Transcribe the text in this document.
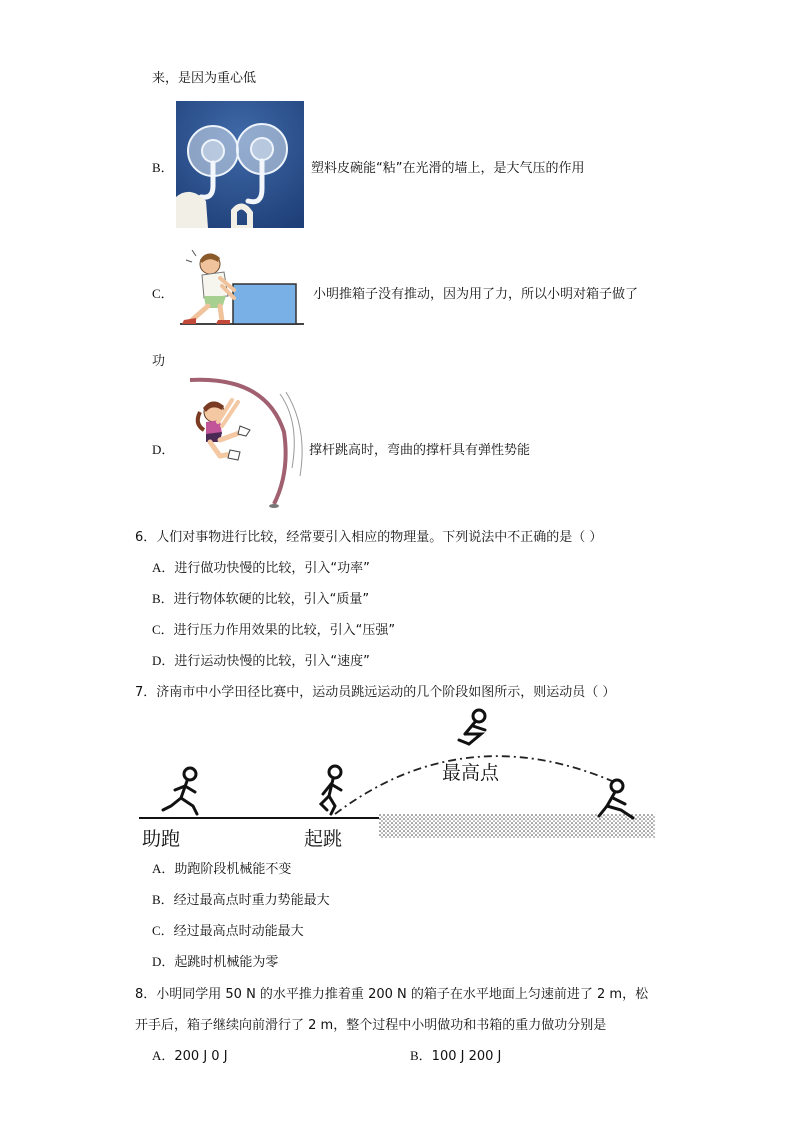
来，是因为重心低
B．	塑料皮碗能“粘”在光滑的墙上，是大气压的作用
C．	小明推箱子没有推动，因为用了力，所以小明对箱子做了
功
D．	撑杆跳高时，弯曲的撑杆具有弹性势能
6．人们对事物进行比较，经常要引入相应的物理量。下列说法中不正确的是（ ）
A．进行做功快慢的比较，引入“功率”
B．进行物体软硬的比较，引入“质量”
C．进行压力作用效果的比较，引入“压强”
D．进行运动快慢的比较，引入“速度”
7．济南市中小学田径比赛中，运动员跳远运动的几个阶段如图所示，则运动员（ ）
助跑	起跳
最高点
A．助跑阶段机械能不变
B．经过最高点时重力势能最大
C．经过最高点时动能最大
D．起跳时机械能为零
8．小明同学用 50 N 的水平推力推着重 200 N 的箱子在水平地面上匀速前进了 2 m，松
开手后，箱子继续向前滑行了 2 m，整个过程中小明做功和书箱的重力做功分别是
A．200 J 0 J	B．100 J 200 J
